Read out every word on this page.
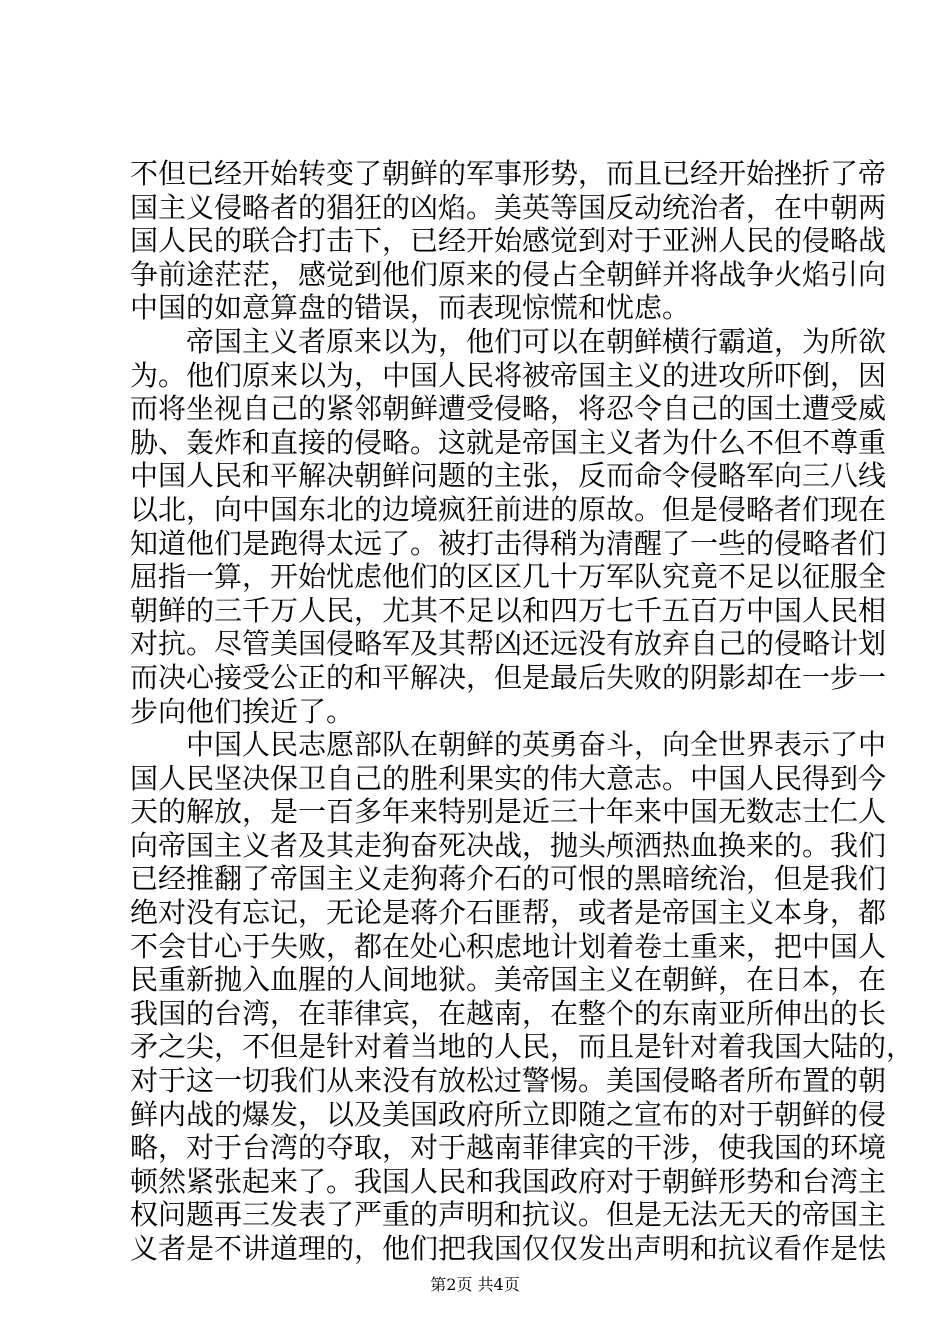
不但已经开始转变了朝鲜的军事形势，而且已经开始挫折了帝
国主义侵略者的猖狂的凶焰。美英等国反动统治者，在中朝两
国人民的联合打击下，已经开始感觉到对于亚洲人民的侵略战
争前途茫茫，感觉到他们原来的侵占全朝鲜并将战争火焰引向
中国的如意算盘的错误，而表现惊慌和忧虑。
帝国主义者原来以为，他们可以在朝鲜横行霸道，为所欲
为。他们原来以为，中国人民将被帝国主义的进攻所吓倒，因
而将坐视自己的紧邻朝鲜遭受侵略，将忍令自己的国土遭受威
胁、轰炸和直接的侵略。这就是帝国主义者为什么不但不尊重
中国人民和平解决朝鲜问题的主张，反而命令侵略军向三八线
以北，向中国东北的边境疯狂前进的原故。但是侵略者们现在
知道他们是跑得太远了。被打击得稍为清醒了一些的侵略者们
屈指一算，开始忧虑他们的区区几十万军队究竟不足以征服全
朝鲜的三千万人民，尤其不足以和四万七千五百万中国人民相
对抗。尽管美国侵略军及其帮凶还远没有放弃自己的侵略计划
而决心接受公正的和平解决，但是最后失败的阴影却在一步一
步向他们挨近了。
中国人民志愿部队在朝鲜的英勇奋斗，向全世界表示了中
国人民坚决保卫自己的胜利果实的伟大意志。中国人民得到今
天的解放，是一百多年来特别是近三十年来中国无数志士仁人
向帝国主义者及其走狗奋死决战，抛头颅洒热血换来的。我们
已经推翻了帝国主义走狗蒋介石的可恨的黑暗统治，但是我们
绝对没有忘记，无论是蒋介石匪帮，或者是帝国主义本身，都
不会甘心于失败，都在处心积虑地计划着卷土重来，把中国人
民重新抛入血腥的人间地狱。美帝国主义在朝鲜，在日本，在
我国的台湾，在菲律宾，在越南，在整个的东南亚所伸出的长
矛之尖，不但是针对着当地的人民，而且是针对着我国大陆的，
对于这一切我们从来没有放松过警惕。美国侵略者所布置的朝
鲜内战的爆发，以及美国政府所立即随之宣布的对于朝鲜的侵
略，对于台湾的夺取，对于越南菲律宾的干涉，使我国的环境
顿然紧张起来了。我国人民和我国政府对于朝鲜形势和台湾主
权问题再三发表了严重的声明和抗议。但是无法无天的帝国主
义者是不讲道理的，他们把我国仅仅发出声明和抗议看作是怯
第2页 共4页
